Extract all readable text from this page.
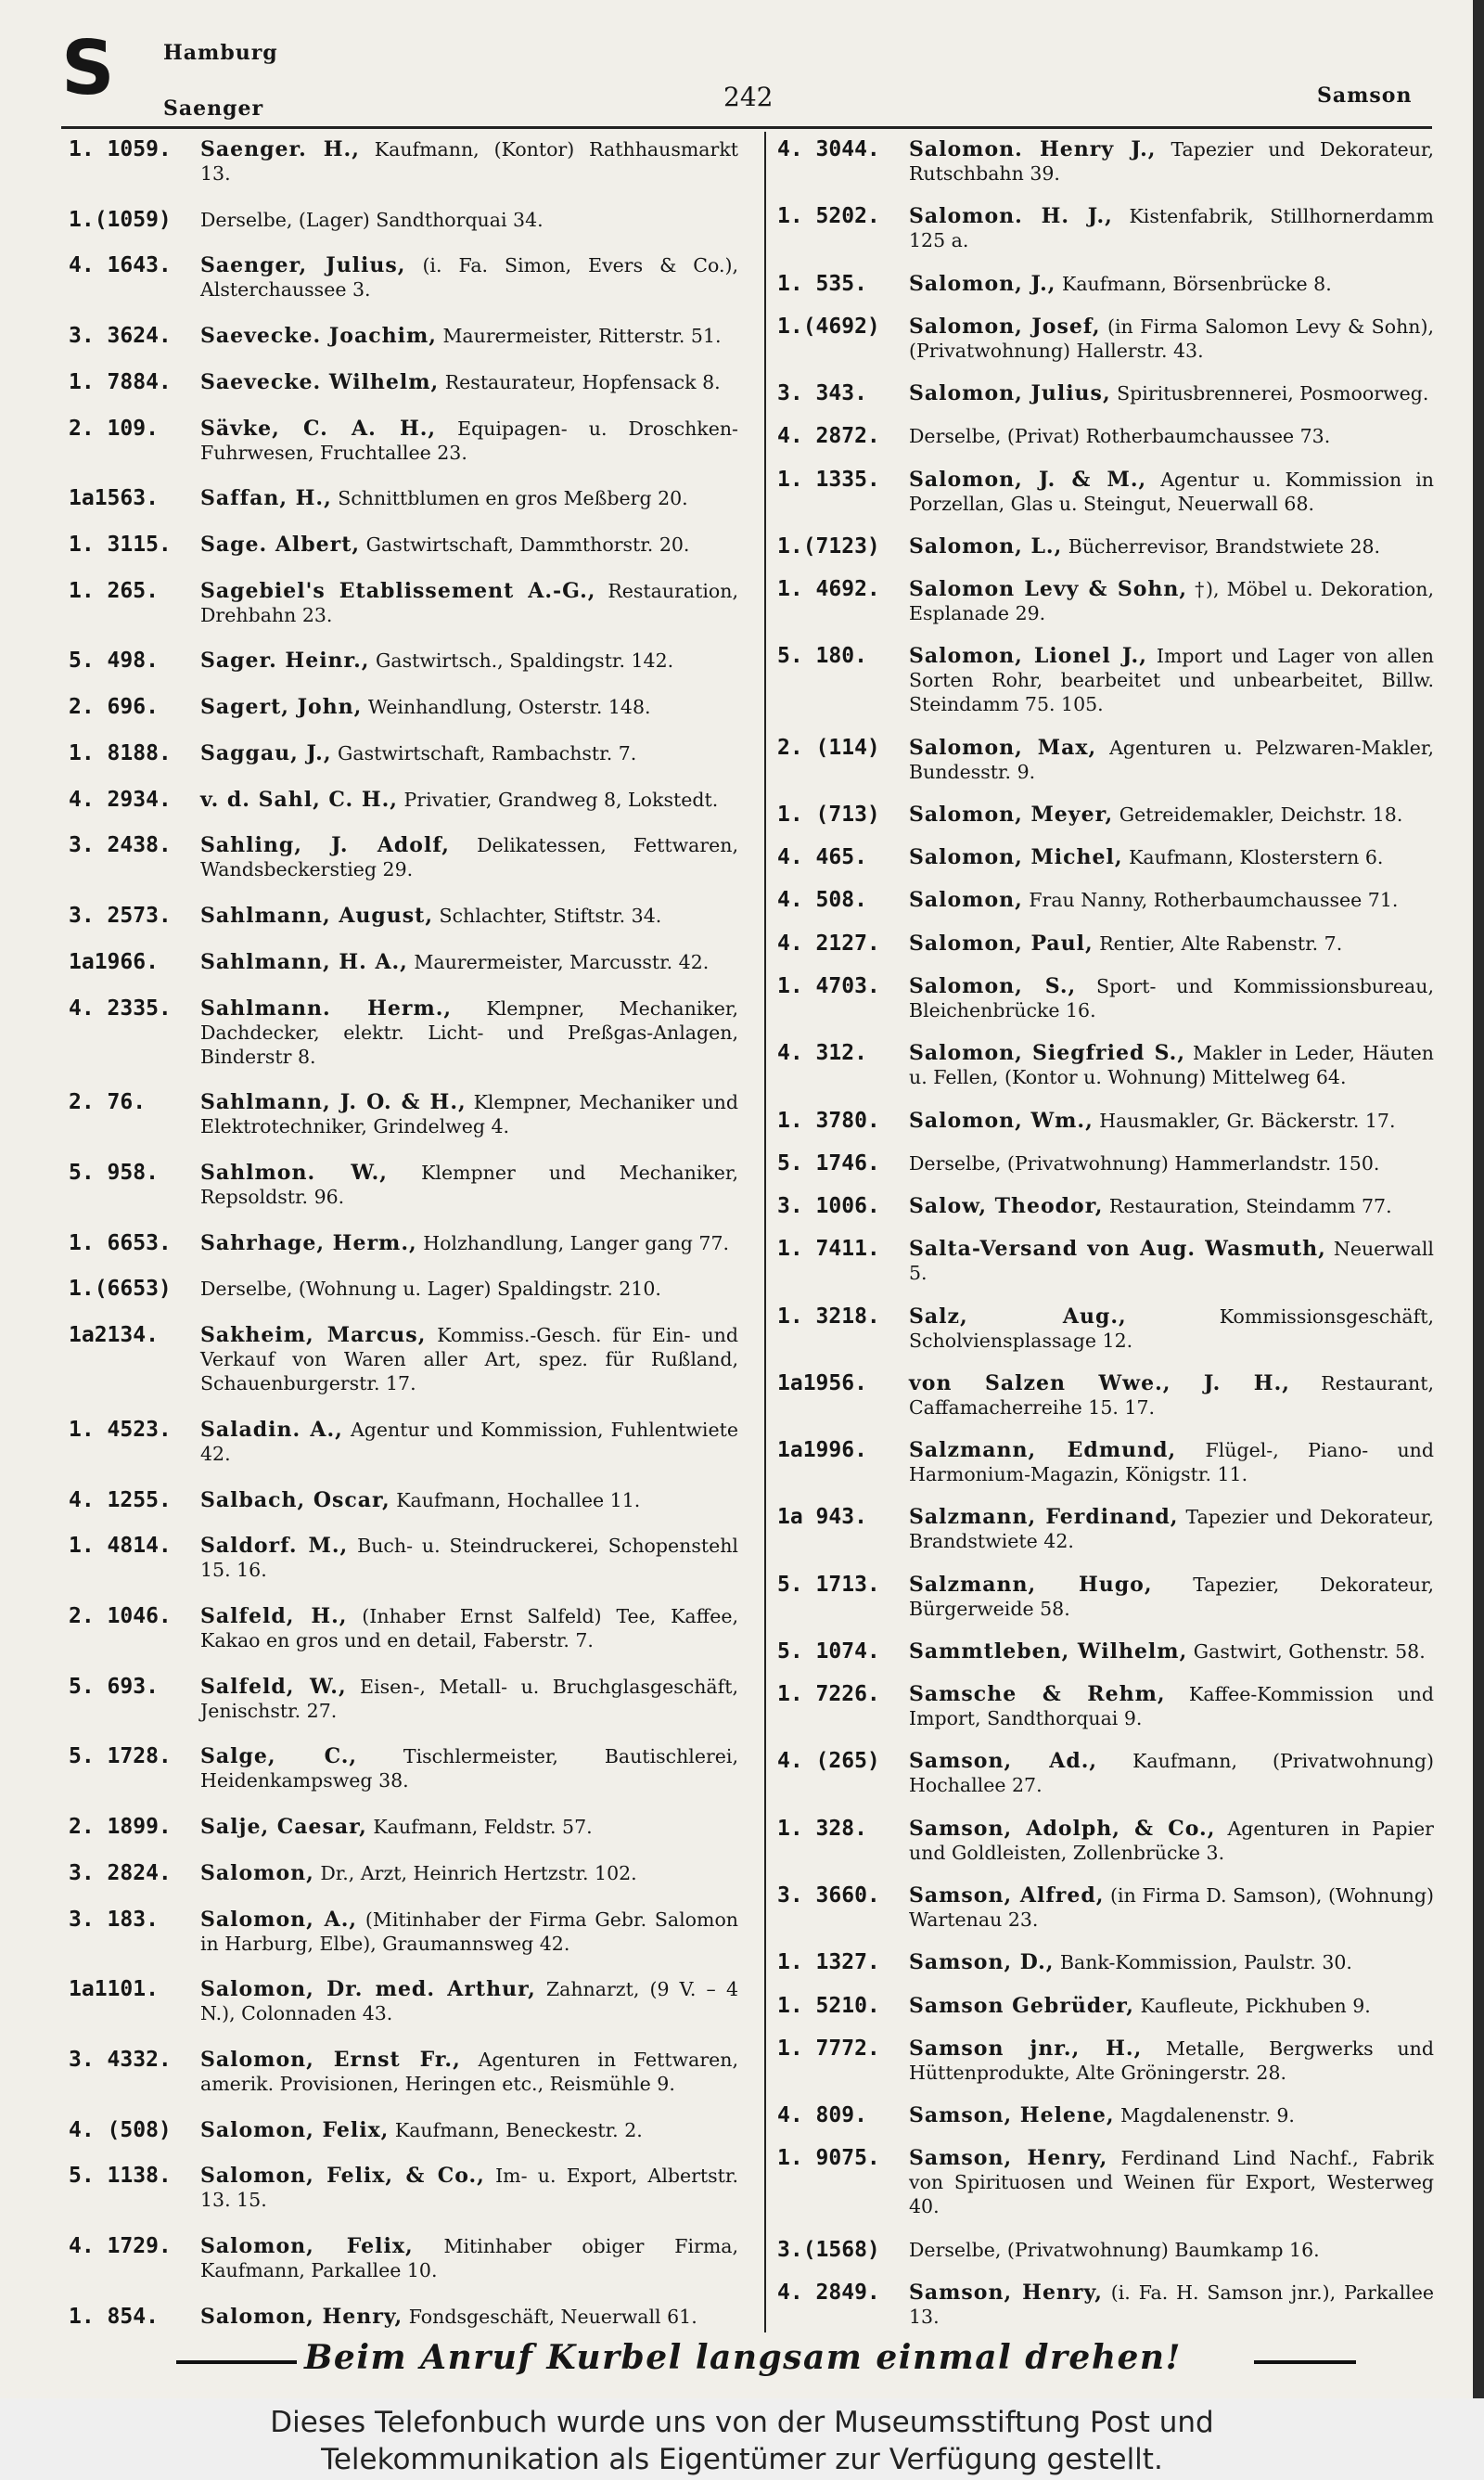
S Hamburg
Saenger	242	Samson
1. 1059.	Saenger. H., Kaufmann, (Kontor) Rathhausmarkt 13.
1.(1059)	Derselbe, (Lager) Sandthorquai 34.
4. 1643.	Saenger, Julius, (i. Fa. Simon, Evers & Co.), Alsterchaussee 3.
3. 3624.	Saevecke. Joachim, Maurermeister, Ritterstr. 51.
1. 7884.	Saevecke. Wilhelm, Restaurateur, Hopfensack 8.
2. 109.	Sävke, C. A. H., Equipagen- u. Droschken-Fuhrwesen, Fruchtallee 23.
1a1563.	Saffan, H., Schnittblumen en gros Meßberg 20.
1. 3115.	Sage. Albert, Gastwirtschaft, Dammthorstr. 20.
1. 265.	Sagebiel's Etablissement A.-G., Restauration, Drehbahn 23.
5. 498.	Sager. Heinr., Gastwirtsch., Spaldingstr. 142.
2. 696.	Sagert, John, Weinhandlung, Osterstr. 148.
1. 8188.	Saggau, J., Gastwirtschaft, Rambachstr. 7.
4. 2934.	v. d. Sahl, C. H., Privatier, Grandweg 8, Lokstedt.
3. 2438.	Sahling, J. Adolf, Delikatessen, Fettwaren, Wandsbeckerstieg 29.
3. 2573.	Sahlmann, August, Schlachter, Stiftstr. 34.
1a1966.	Sahlmann, H. A., Maurermeister, Marcusstr. 42.
4. 2335.	Sahlmann. Herm., Klempner, Mechaniker, Dachdecker, elektr. Licht- und Preßgas-Anlagen, Binderstr 8.
2. 76.	Sahlmann, J. O. & H., Klempner, Mechaniker und Elektrotechniker, Grindelweg 4.
5. 958.	Sahlmon. W., Klempner und Mechaniker, Repsoldstr. 96.
1. 6653.	Sahrhage, Herm., Holzhandlung, Langer gang 77.
1.(6653)	Derselbe, (Wohnung u. Lager) Spaldingstr. 210.
1a2134.	Sakheim, Marcus, Kommiss.-Gesch. für Ein- und Verkauf von Waren aller Art, spez. für Rußland, Schauenburgerstr. 17.
1. 4523.	Saladin. A., Agentur und Kommission, Fuhlentwiete 42.
4. 1255.	Salbach, Oscar, Kaufmann, Hochallee 11.
1. 4814.	Saldorf. M., Buch- u. Steindruckerei, Schopenstehl 15. 16.
2. 1046.	Salfeld, H., (Inhaber Ernst Salfeld) Tee, Kaffee, Kakao en gros und en detail, Faberstr. 7.
5. 693.	Salfeld, W., Eisen-, Metall- u. Bruchglasgeschäft, Jenischstr. 27.
5. 1728.	Salge, C., Tischlermeister, Bautischlerei, Heidenkampsweg 38.
2. 1899.	Salje, Caesar, Kaufmann, Feldstr. 57.
3. 2824.	Salomon, Dr., Arzt, Heinrich Hertzstr. 102.
3. 183.	Salomon, A., (Mitinhaber der Firma Gebr. Salomon in Harburg, Elbe), Graumannsweg 42.
1a1101.	Salomon, Dr. med. Arthur, Zahnarzt, (9 V. – 4 N.), Colonnaden 43.
3. 4332.	Salomon, Ernst Fr., Agenturen in Fettwaren, amerik. Provisionen, Heringen etc., Reismühle 9.
4. (508)	Salomon, Felix, Kaufmann, Beneckestr. 2.
5. 1138.	Salomon, Felix, & Co., Im- u. Export, Albertstr. 13. 15.
4. 1729.	Salomon, Felix, Mitinhaber obiger Firma, Kaufmann, Parkallee 10.
1. 854.	Salomon, Henry, Fondsgeschäft, Neuerwall 61.
4. 3044.	Salomon. Henry J., Tapezier und Dekorateur, Rutschbahn 39.
1. 5202.	Salomon. H. J., Kistenfabrik, Stillhornerdamm 125 a.
1. 535.	Salomon, J., Kaufmann, Börsenbrücke 8.
1.(4692)	Salomon, Josef, (in Firma Salomon Levy & Sohn), (Privatwohnung) Hallerstr. 43.
3. 343.	Salomon, Julius, Spiritusbrennerei, Posmoorweg.
4. 2872.	Derselbe, (Privat) Rotherbaumchaussee 73.
1. 1335.	Salomon, J. & M., Agentur u. Kommission in Porzellan, Glas u. Steingut, Neuerwall 68.
1.(7123)	Salomon, L., Bücherrevisor, Brandstwiete 28.
1. 4692.	Salomon Levy & Sohn, †), Möbel u. Dekoration, Esplanade 29.
5. 180.	Salomon, Lionel J., Import und Lager von allen Sorten Rohr, bearbeitet und unbearbeitet, Billw. Steindamm 75. 105.
2. (114)	Salomon, Max, Agenturen u. Pelzwaren-Makler, Bundesstr. 9.
1. (713)	Salomon, Meyer, Getreidemakler, Deichstr. 18.
4. 465.	Salomon, Michel, Kaufmann, Klosterstern 6.
4. 508.	Salomon, Frau Nanny, Rotherbaumchaussee 71.
4. 2127.	Salomon, Paul, Rentier, Alte Rabenstr. 7.
1. 4703.	Salomon, S., Sport- und Kommissionsbureau, Bleichenbrücke 16.
4. 312.	Salomon, Siegfried S., Makler in Leder, Häuten u. Fellen, (Kontor u. Wohnung) Mittelweg 64.
1. 3780.	Salomon, Wm., Hausmakler, Gr. Bäckerstr. 17.
5. 1746.	Derselbe, (Privatwohnung) Hammerlandstr. 150.
3. 1006.	Salow, Theodor, Restauration, Steindamm 77.
1. 7411.	Salta-Versand von Aug. Wasmuth, Neuerwall 5.
1. 3218.	Salz, Aug.,	Kommissionsgeschäft, Scholviensplassage 12.
1a1956.	von Salzen Wwe., J. H., Restaurant, Caffamacherreihe 15. 17.
1a1996.	Salzmann, Edmund, Flügel-, Piano- und Harmonium-Magazin, Königstr. 11.
1a 943.	Salzmann, Ferdinand, Tapezier und Dekorateur, Brandstwiete 42.
5. 1713.	Salzmann, Hugo, Tapezier, Dekorateur, Bürgerweide 58.
5. 1074.	Sammtleben, Wilhelm, Gastwirt, Gothenstr. 58.
1. 7226.	Samsche & Rehm, Kaffee-Kommission und Import, Sandthorquai 9.
4. (265)	Samson, Ad., Kaufmann, (Privatwohnung) Hochallee 27.
1. 328.	Samson, Adolph, & Co., Agenturen in Papier und Goldleisten, Zollenbrücke 3.
3. 3660.	Samson, Alfred, (in Firma D. Samson), (Wohnung) Wartenau 23.
1. 1327.	Samson, D., Bank-Kommission, Paulstr. 30.
1. 5210.	Samson Gebrüder, Kaufleute, Pickhuben 9.
1. 7772.	Samson jnr., H., Metalle, Bergwerks und Hüttenprodukte, Alte Gröningerstr. 28.
4. 809.	Samson, Helene, Magdalenenstr. 9.
1. 9075.	Samson, Henry, Ferdinand Lind Nachf., Fabrik von Spirituosen und Weinen für Export, Westerweg 40.
3.(1568)	Derselbe, (Privatwohnung) Baumkamp 16.
4. 2849.	Samson, Henry, (i. Fa. H. Samson jnr.), Parkallee 13.
Beim Anruf Kurbel langsam einmal drehen!
Dieses Telefonbuch wurde uns von der Museumsstiftung Post und
Telekommunikation als Eigentümer zur Verfügung gestellt.
